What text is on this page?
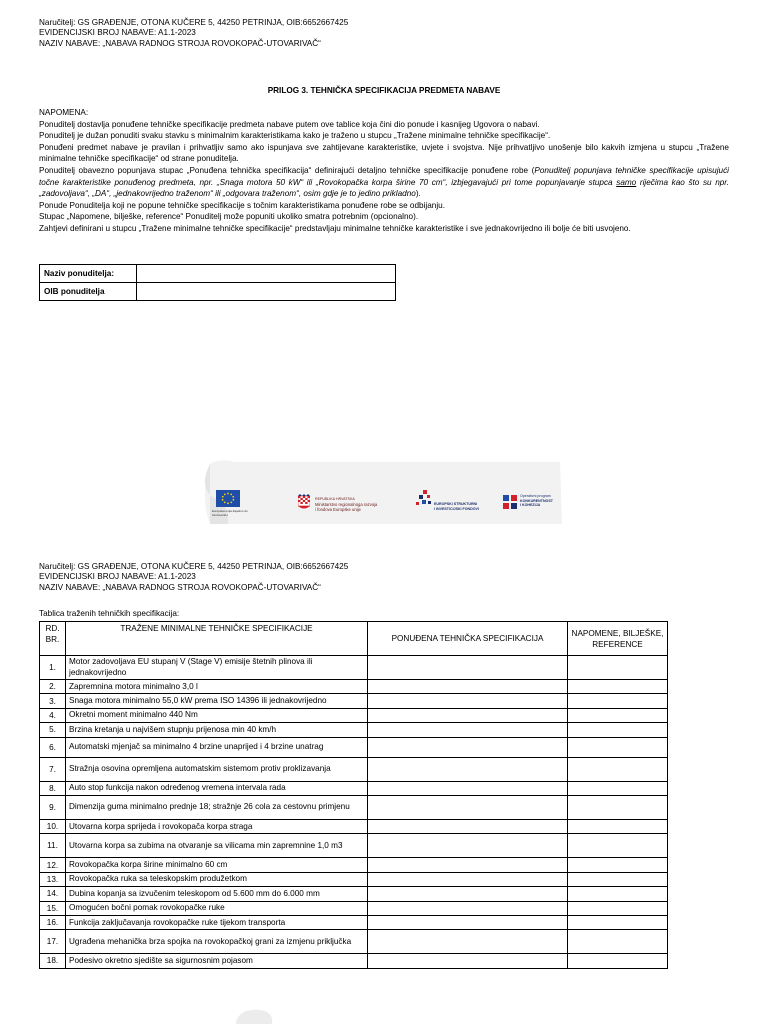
Naručitelj: GS GRAĐENJE, OTONA KUČERE 5, 44250 PETRINJA, OIB:6652667425
EVIDENCIJSKI BROJ NABAVE: A1.1-2023
NAZIV NABAVE: „NABAVA RADNOG STROJA ROVOKOPAČ-UTOVARIVAČ“
PRILOG 3. TEHNIČKA SPECIFIKACIJA PREDMETA NABAVE

NAPOMENA:

Ponuditelj dostavlja ponuđene tehničke specifikacije predmeta nabave putem ove tablice koja čini dio ponude i kasnijeg Ugovora o nabavi.

Ponuditelj je dužan ponuditi svaku stavku s minimalnim karakteristikama kako je traženo u stupcu „Tražene minimalne tehničke specifikacije“.

Ponuđeni predmet nabave je pravilan i prihvatljiv samo ako ispunjava sve zahtijevane karakteristike, uvjete i svojstva. Nije prihvatljivo unošenje bilo kakvih izmjena u stupcu „Tražene minimalne tehničke specifikacije“ od strane ponuditelja.

Ponuditelj obavezno popunjava stupac „Ponuđena tehnička specifikacija“ definirajući detaljno tehničke specifikacije ponuđene robe (Ponuditelj popunjava tehničke specifikacije upisujući točne karakteristike ponuđenog predmeta, npr. „Snaga motora 50 kW“ ili „Rovokopačka korpa širine 70 cm“, izbjegavajući pri tome popunjavanje stupca samo riječima kao što su npr. „zadovoljava“, „DA“, „jednakovrijedno traženom“ ili „odgovara traženom“, osim gdje je to jedino prikladno).

Ponude Ponuditelja koji ne popune tehničke specifikacije s točnim karakteristikama ponuđene robe se odbijanju.

Stupac „Napomene, bilješke, reference“ Ponuditelj može popuniti ukoliko smatra potrebnim (opcionalno).

Zahtjevi definirani u stupcu „Tražene minimalne tehničke specifikacije“ predstavljaju minimalne tehničke karakteristike i sve jednakovrijedno ili bolje će biti usvojeno.

Naziv ponuditelja:	
OIB ponuditelja	
Europska unija Zajedno do fondova EU
REPUBLIKA HRVATSKA
Ministarstvo regionalnoga razvoja
i fondova Europske unije
EUROPSKI STRUKTURNI
I INVESTICIJSKI FONDOVI
Operativni program
KONKURENTNOST
I KOHEZIJA
Naručitelj: GS GRAĐENJE, OTONA KUČERE 5, 44250 PETRINJA, OIB:6652667425
EVIDENCIJSKI BROJ NABAVE: A1.1-2023
NAZIV NABAVE: „NABAVA RADNOG STROJA ROVOKOPAČ-UTOVARIVAČ“
Tablica traženih tehničkih specifikacija:
RD. BR.	TRAŽENE MINIMALNE TEHNIČKE SPECIFIKACIJE	PONUĐENA TEHNIČKA SPECIFIKACIJA	NAPOMENE, BILJEŠKE, REFERENCE
1.	Motor zadovoljava EU stupanj V (Stage V) emisije štetnih plinova ili jednakovrijedno		
2.	Zapremnina motora minimalno 3,0 l		
3.	Snaga motora minimalno 55,0 kW prema ISO 14396 ili jednakovrijedno		
4.	Okretni moment minimalno 440 Nm		
5.	Brzina kretanja u najvišem stupnju prijenosa min 40 km/h		
6.	Automatski mjenjač sa minimalno 4 brzine unaprijed i 4 brzine unatrag		
7.	Stražnja osovina opremljena automatskim sistemom protiv proklizavanja		
8.	Auto stop funkcija nakon određenog vremena intervala rada		
9.	Dimenzija guma minimalno prednje 18; stražnje 26 cola za cestovnu primjenu		
10.	Utovarna korpa sprijeda i rovokopača korpa straga		
11.	Utovarna korpa sa zubima na otvaranje sa vilicama min zapremnine 1,0 m3		
12.	Rovokopačka korpa širine minimalno 60 cm		
13.	Rovokopačka ruka sa teleskopskim produžetkom		
14.	Dubina kopanja sa izvučenim teleskopom od 5.600 mm do 6.000 mm		
15.	Omogućen bočni pomak rovokopačke ruke		
16.	Funkcija zaključavanja rovokopačke ruke tijekom transporta		
17.	Ugrađena mehanička brza spojka na rovokopačkoj grani za izmjenu priključka		
18.	Podesivo okretno sjedište sa sigurnosnim pojasom		
